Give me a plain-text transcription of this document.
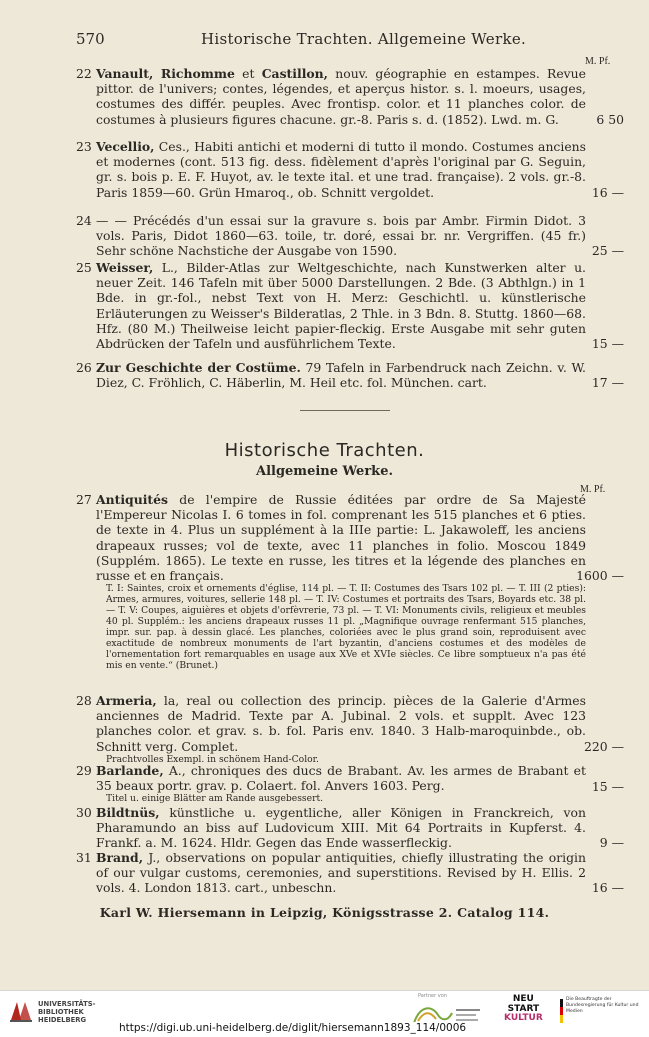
570	Historische Trachten. Allgemeine Werke.
M. Pf.
22 Vanault, Richomme et Castillon, nouv. géographie en estampes. Revue pittor. de l'univers; contes, légendes, et aperçus histor. s. l. moeurs, usages, costumes des différ. peuples. Avec frontisp. color. et 11 planches color. de costumes à plusieurs figures chacune. gr.-8. Paris s. d. (1852). Lwd. m. G.	6 50
23 Vecellio, Ces., Habiti antichi et moderni di tutto il mondo. Costumes anciens et modernes (cont. 513 fig. dess. fidèlement d'après l'original par G. Seguin, gr. s. bois p. E. F. Huyot, av. le texte ital. et une trad. française). 2 vols. gr.-8. Paris 1859—60. Grün Hmaroq., ob. Schnitt vergoldet.	16 —
24 — — Précédés d'un essai sur la gravure s. bois par Ambr. Firmin Didot. 3 vols. Paris, Didot 1860—63. toile, tr. doré, essai br. nr. Vergriffen. (45 fr.) Sehr schöne Nachstiche der Ausgabe von 1590.	25 —
25 Weisser, L., Bilder-Atlas zur Weltgeschichte, nach Kunstwerken alter u. neuer Zeit. 146 Tafeln mit über 5000 Darstellungen. 2 Bde. (3 Abthlgn.) in 1 Bde. in gr.-fol., nebst Text von H. Merz: Geschichtl. u. künstlerische Erläuterungen zu Weisser's Bilderatlas, 2 Thle. in 3 Bdn. 8. Stuttg. 1860—68. Hfz. (80 M.) Theilweise leicht papier-fleckig. Erste Ausgabe mit sehr guten Abdrücken der Tafeln und ausführlichem Texte.	15 —
26 Zur Geschichte der Costüme. 79 Tafeln in Farbendruck nach Zeichn. v. W. Diez, C. Fröhlich, C. Häberlin, M. Heil etc. fol. München. cart.	17 —
Historische Trachten.
Allgemeine Werke.
M. Pf.
27 Antiquités de l'empire de Russie éditées par ordre de Sa Majesté l'Empereur Nicolas I. 6 tomes in fol. comprenant les 515 planches et 6 pties. de texte in 4. Plus un supplément à la IIIe partie: L. Jakawoleff, les anciens drapeaux russes; vol de texte, avec 11 planches in folio. Moscou 1849 (Supplém. 1865). Le texte en russe, les titres et la légende des planches en russe et en français.	1600 —
T. I: Saintes, croix et ornements d'église, 114 pl. — T. II: Costumes des Tsars 102 pl. — T. III (2 pties): Armes, armures, voitures, sellerie 148 pl. — T. IV: Costumes et portraits des Tsars, Boyards etc. 38 pl. — T. V: Coupes, aiguières et objets d'orfèvrerie, 73 pl. — T. VI: Monuments civils, religieux et meubles 40 pl. Supplém.: les anciens drapeaux russes 11 pl. „Magnifique ouvrage renfermant 515 planches, impr. sur. pap. à dessin glacé. Les planches, coloriées avec le plus grand soin, reproduisent avec exactitude de nombreux monuments de l'art byzantin, d'anciens costumes et des modèles de l'ornementation fort remarquables en usage aux XVe et XVIe siècles. Ce libre somptueux n'a pas été mis en vente.“ (Brunet.)
28 Armeria, la, real ou collection des princip. pièces de la Galerie d'Armes anciennes de Madrid. Texte par A. Jubinal. 2 vols. et supplt. Avec 123 planches color. et grav. s. b. fol. Paris env. 1840. 3 Halb-maroquinbde., ob. Schnitt verg. Complet.	220 —
Prachtvolles Exempl. in schönem Hand-Color.
29 Barlande, A., chroniques des ducs de Brabant. Av. les armes de Brabant et 35 beaux portr. grav. p. Colaert. fol. Anvers 1603. Perg.	15 —
Titel u. einige Blätter am Rande ausgebessert.
30 Bildtnüs, künstliche u. eygentliche, aller Königen in Franckreich, von Pharamundo an biss auf Ludovicum XIII. Mit 64 Portraits in Kupferst. 4. Frankf. a. M. 1624. Hldr. Gegen das Ende wasserfleckig.	9 —
31 Brand, J., observations on popular antiquities, chiefly illustrating the origin of our vulgar customs, ceremonies, and superstitions. Revised by H. Ellis. 2 vols. 4. London 1813. cart., unbeschn.	16 —
Karl W. Hiersemann in Leipzig, Königsstrasse 2. Catalog 114.
UNIVERSITÄTS-
BIBLIOTHEK
HEIDELBERG
Partner von	NEU
START
KULTUR
Die Beauftragte der Bundesregierung für Kultur und Medien
https://digi.ub.uni-heidelberg.de/diglit/hiersemann1893_114/0006
